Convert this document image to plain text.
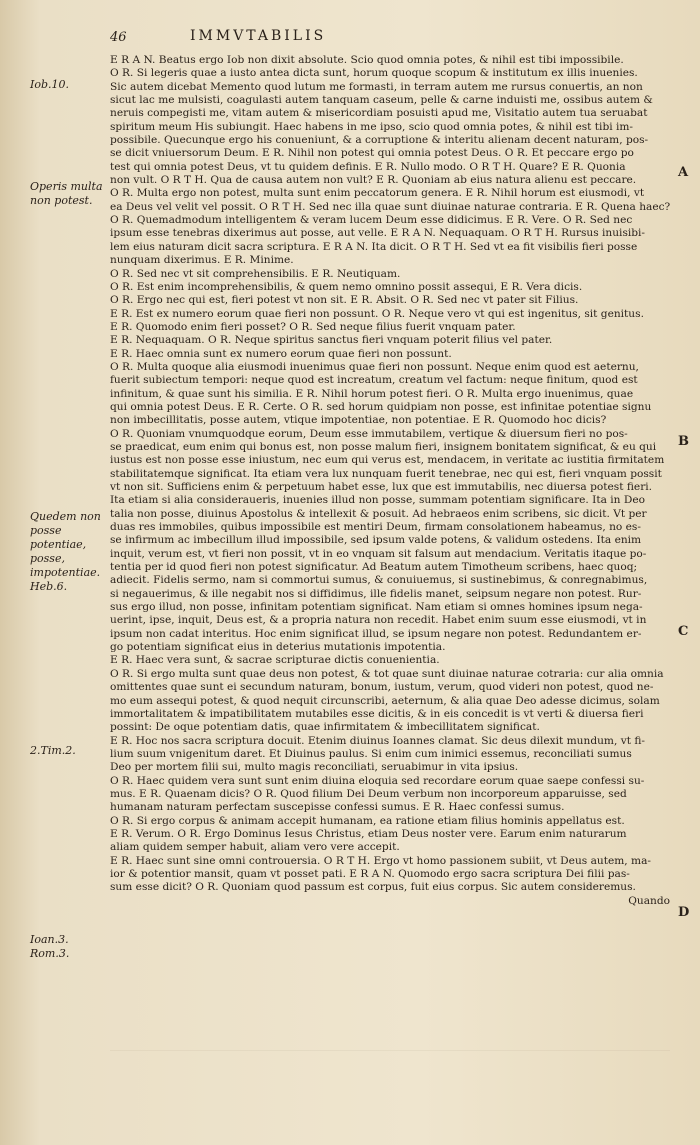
46	IMMVTABILIS
Iob.10.
Operis multa non potest.
Quedem non posse potentiae, posse, impotentiae. Heb.6.
2.Tim.2.
Ioan.3. Rom.3.
A
B
C
D
E R A N. Beatus ergo Iob non dixit absolute. Scio quod omnia potes, & nihil est tibi impossibile.
O R. Si legeris quae a iusto antea dicta sunt, horum quoque scopum & institutum ex illis inuenies.
Sic autem dicebat Memento quod lutum me formasti, in terram autem me rursus conuertis, an non
sicut lac me mulsisti, coagulasti autem tanquam caseum, pelle & carne induisti me, ossibus autem &
neruis compegisti me, vitam autem & misericordiam posuisti apud me, Visitatio autem tua seruabat
spiritum meum His subiungit. Haec habens in me ipso, scio quod omnia potes, & nihil est tibi im-
possibile. Quecunque ergo his conueniunt, & a corruptione & interitu alienam decent naturam, pos-
se dicit vniuersorum Deum. E R. Nihil non potest qui omnia potest Deus. O R. Et peccare ergo po
test qui omnia potest Deus, vt tu quidem definis. E R. Nullo modo. O R T H. Quare? E R. Quonia
non vult. O R T H. Qua de causa autem non vult? E R. Quoniam ab eius natura alienu est peccare.
O R. Multa ergo non potest, multa sunt enim peccatorum genera. E R. Nihil horum est eiusmodi, vt
ea Deus vel velit vel possit. O R T H. Sed nec illa quae sunt diuinae naturae contraria. E R. Quena haec?
O R. Quemadmodum intelligentem & veram lucem Deum esse didicimus. E R. Vere. O R. Sed nec
ipsum esse tenebras dixerimus aut posse, aut velle. E R A N. Nequaquam. O R T H. Rursus inuisibi-
lem eius naturam dicit sacra scriptura. E R A N. Ita dicit. O R T H. Sed vt ea fit visibilis fieri posse
nunquam dixerimus. E R. Minime.
O R. Sed nec vt sit comprehensibilis. E R. Neutiquam.
O R. Est enim incomprehensibilis, & quem nemo omnino possit assequi, E R. Vera dicis.
O R. Ergo nec qui est, fieri potest vt non sit. E R. Absit. O R. Sed nec vt pater sit Filius.
E R. Est ex numero eorum quae fieri non possunt. O R. Neque vero vt qui est ingenitus, sit genitus.
E R. Quomodo enim fieri posset? O R. Sed neque filius fuerit vnquam pater.
E R. Nequaquam. O R. Neque spiritus sanctus fieri vnquam poterit filius vel pater.
E R. Haec omnia sunt ex numero eorum quae fieri non possunt.
O R. Multa quoque alia eiusmodi inuenimus quae fieri non possunt. Neque enim quod est aeternu,
fuerit subiectum tempori: neque quod est increatum, creatum vel factum: neque finitum, quod est
infinitum, & quae sunt his similia. E R. Nihil horum potest fieri. O R. Multa ergo inuenimus, quae
qui omnia potest Deus. E R. Certe. O R. sed horum quidpiam non posse, est infinitae potentiae signu
non imbecillitatis, posse autem, vtique impotentiae, non potentiae. E R. Quomodo hoc dicis?
O R. Quoniam vnumquodque eorum, Deum esse immutabilem, vertique & diuersum fieri no pos-
se praedicat, eum enim qui bonus est, non posse malum fieri, insignem bonitatem significat, & eu qui
iustus est non posse esse iniustum, nec eum qui verus est, mendacem, in veritate ac iustitia firmitatem
stabilitatemque significat. Ita etiam vera lux nunquam fuerit tenebrae, nec qui est, fieri vnquam possit
vt non sit. Sufficiens enim & perpetuum habet esse, lux que est immutabilis, nec diuersa potest fieri.
Ita etiam si alia consideraueris, inuenies illud non posse, summam potentiam significare. Ita in Deo
talia non posse, diuinus Apostolus & intellexit & posuit. Ad hebraeos enim scribens, sic dicit. Vt per
duas res immobiles, quibus impossibile est mentiri Deum, firmam consolationem habeamus, no es-
se infirmum ac imbecillum illud impossibile, sed ipsum valde potens, & validum ostedens. Ita enim
inquit, verum est, vt fieri non possit, vt in eo vnquam sit falsum aut mendacium. Veritatis itaque po-
tentia per id quod fieri non potest significatur. Ad Beatum autem Timotheum scribens, haec quoq;
adiecit. Fidelis sermo, nam si commortui sumus, & conuiuemus, si sustinebimus, & conregnabimus,
si negauerimus, & ille negabit nos si diffidimus, ille fidelis manet, seipsum negare non potest. Rur-
sus ergo illud, non posse, infinitam potentiam significat. Nam etiam si omnes homines ipsum nega-
uerint, ipse, inquit, Deus est, & a propria natura non recedit. Habet enim suum esse eiusmodi, vt in
ipsum non cadat interitus. Hoc enim significat illud, se ipsum negare non potest. Redundantem er-
go potentiam significat eius in deterius mutationis impotentia.
E R. Haec vera sunt, & sacrae scripturae dictis conuenientia.
O R. Si ergo multa sunt quae deus non potest, & tot quae sunt diuinae naturae cotraria: cur alia omnia
omittentes quae sunt ei secundum naturam, bonum, iustum, verum, quod videri non potest, quod ne-
mo eum assequi potest, & quod nequit circunscribi, aeternum, & alia quae Deo adesse dicimus, solam
immortalitatem & impatibilitatem mutabiles esse dicitis, & in eis concedit is vt verti & diuersa fieri
possint: De oque potentiam datis, quae infirmitatem & imbecillitatem significat.
E R. Hoc nos sacra scriptura docuit. Etenim diuinus Ioannes clamat. Sic deus dilexit mundum, vt fi-
lium suum vnigenitum daret. Et Diuinus paulus. Si enim cum inimici essemus, reconciliati sumus
Deo per mortem filii sui, multo magis reconciliati, seruabimur in vita ipsius.
O R. Haec quidem vera sunt sunt enim diuina eloquia sed recordare eorum quae saepe confessi su-
mus. E R. Quaenam dicis? O R. Quod filium Dei Deum verbum non incorporeum apparuisse, sed
humanam naturam perfectam suscepisse confessi sumus. E R. Haec confessi sumus.
O R. Si ergo corpus & animam accepit humanam, ea ratione etiam filius hominis appellatus est.
E R. Verum. O R. Ergo Dominus Iesus Christus, etiam Deus noster vere. Earum enim naturarum
aliam quidem semper habuit, aliam vero vere accepit.
E R. Haec sunt sine omni controuersia. O R T H. Ergo vt homo passionem subiit, vt Deus autem, ma-
ior & potentior mansit, quam vt posset pati. E R A N. Quomodo ergo sacra scriptura Dei filii pas-
sum esse dicit? O R. Quoniam quod passum est corpus, fuit eius corpus. Sic autem consideremus.
Quando
